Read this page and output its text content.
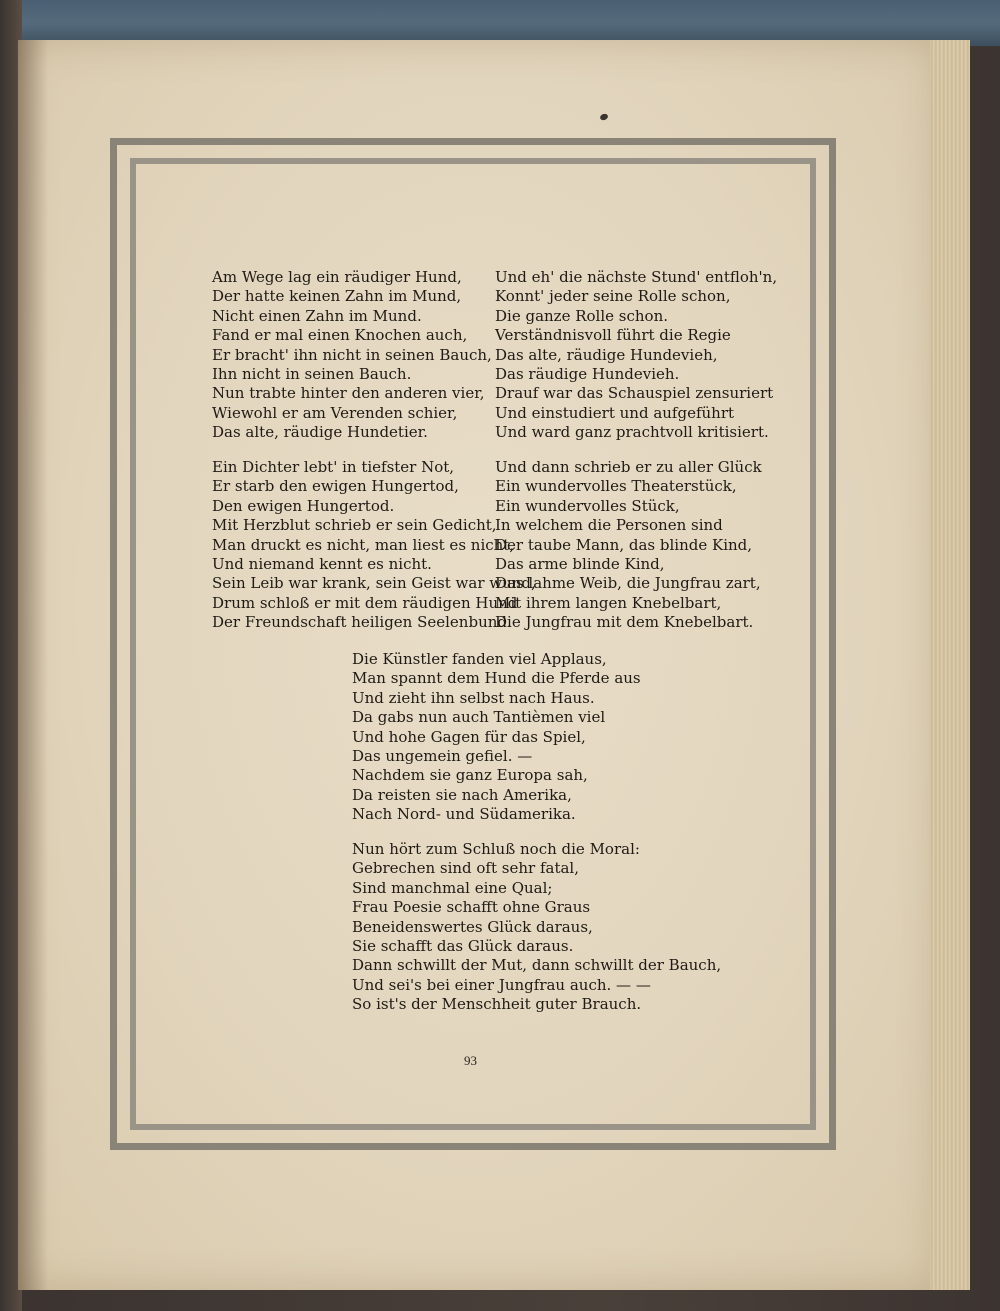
Am Wege lag ein räudiger Hund,
Der hatte keinen Zahn im Mund,
Nicht einen Zahn im Mund.
Fand er mal einen Knochen auch,
Er bracht' ihn nicht in seinen Bauch,
Ihn nicht in seinen Bauch.
Nun trabte hinter den anderen vier,
Wiewohl er am Verenden schier,
Das alte, räudige Hundetier.
Ein Dichter lebt' in tiefster Not,
Er starb den ewigen Hungertod,
Den ewigen Hungertod.
Mit Herzblut schrieb er sein Gedicht,
Man druckt es nicht, man liest es nicht,
Und niemand kennt es nicht.
Sein Leib war krank, sein Geist war wund,
Drum schloß er mit dem räudigen Hund
Der Freundschaft heiligen Seelenbund.
Und eh' die nächste Stund' entfloh'n,
Konnt' jeder seine Rolle schon,
Die ganze Rolle schon.
Verständnisvoll führt die Regie
Das alte, räudige Hundevieh,
Das räudige Hundevieh.
Drauf war das Schauspiel zensuriert
Und einstudiert und aufgeführt
Und ward ganz prachtvoll kritisiert.
Und dann schrieb er zu aller Glück
Ein wundervolles Theaterstück,
Ein wundervolles Stück,
In welchem die Personen sind
Der taube Mann, das blinde Kind,
Das arme blinde Kind,
Das lahme Weib, die Jungfrau zart,
Mit ihrem langen Knebelbart,
Die Jungfrau mit dem Knebelbart.
Die Künstler fanden viel Applaus,
Man spannt dem Hund die Pferde aus
Und zieht ihn selbst nach Haus.
Da gabs nun auch Tantièmen viel
Und hohe Gagen für das Spiel,
Das ungemein gefiel. —
Nachdem sie ganz Europa sah,
Da reisten sie nach Amerika,
Nach Nord- und Südamerika.
Nun hört zum Schluß noch die Moral:
Gebrechen sind oft sehr fatal,
Sind manchmal eine Qual;
Frau Poesie schafft ohne Graus
Beneidenswertes Glück daraus,
Sie schafft das Glück daraus.
Dann schwillt der Mut, dann schwillt der Bauch,
Und sei's bei einer Jungfrau auch. — —
So ist's der Menschheit guter Brauch.
93
